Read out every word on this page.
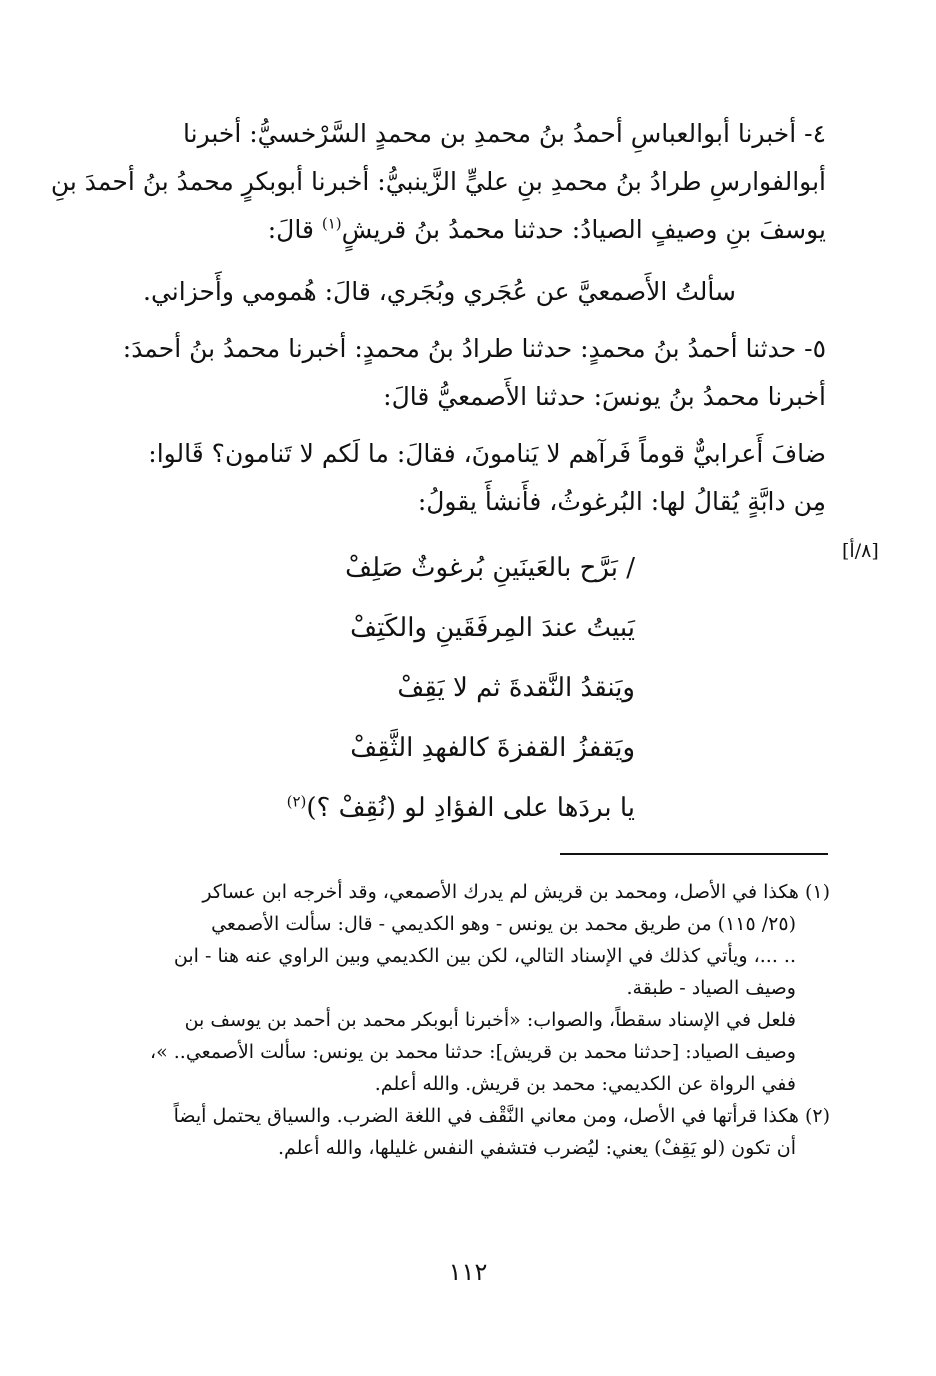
٤- أخبرنا أبوالعباسِ أحمدُ بنُ محمدِ بن محمدٍ السَّرْخسيُّ: أخبرنا
أبوالفوارسِ طرادُ بنُ محمدِ بنِ عليٍّ الزَّينبيُّ: أخبرنا أبوبكرٍ محمدُ بنُ أحمدَ بنِ
يوسفَ بنِ وصيفٍ الصيادُ: حدثنا محمدُ بنُ قريشٍ$^{(١)}$ قالَ:
سألتُ الأَصمعيَّ عن عُجَري وبُجَري، قالَ: هُمومي وأَحزاني.
٥- حدثنا أحمدُ بنُ محمدٍ: حدثنا طرادُ بنُ محمدٍ: أخبرنا محمدُ بنُ أحمدَ:
أخبرنا محمدُ بنُ يونسَ: حدثنا الأَصمعيُّ قالَ:
ضافَ أَعرابيٌّ قوماً فَرآهم لا يَنامونَ، فقالَ: ما لَكم لا تَنامون؟ قَالوا:
مِن دابَّةٍ يُقالُ لها: البُرغوثُ، فأَنشأَ يقولُ:
[٨/أ]
/ بَرَّح بالعَينَينِ بُرغوثٌ صَلِفْ
يَبيتُ عندَ المِرفَقَينِ والكَتِفْ
ويَنقدُ النَّقدةَ ثم لا يَقِفْ
ويَقفزُ القفزةَ كالفهدِ الثَّقِفْ
يا بردَها على الفؤادِ لو (نُقِفْ ؟)$^{(٢)}$
(١) هكذا في الأصل، ومحمد بن قريش لم يدرك الأصمعي، وقد أخرجه ابن عساكر
(٢٥/ ١١٥) من طريق محمد بن يونس - وهو الكديمي - قال: سألت الأصمعي
.. ...، ويأتي كذلك في الإسناد التالي، لكن بين الكديمي وبين الراوي عنه هنا - ابن
وصيف الصياد - طبقة.
فلعل في الإسناد سقطاً، والصواب: «أخبرنا أبوبكر محمد بن أحمد بن يوسف بن
وصيف الصياد: [حدثنا محمد بن قريش]: حدثنا محمد بن يونس: سألت الأصمعي.. »،
ففي الرواة عن الكديمي: محمد بن قريش. والله أعلم.
(٢) هكذا قرأتها في الأصل، ومن معاني النَّقْف في اللغة الضرب. والسياق يحتمل أيضاً
أن تكون (لو يَقِفْ) يعني: ليُضرب فتشفي النفس غليلها، والله أعلم.
١١٢
